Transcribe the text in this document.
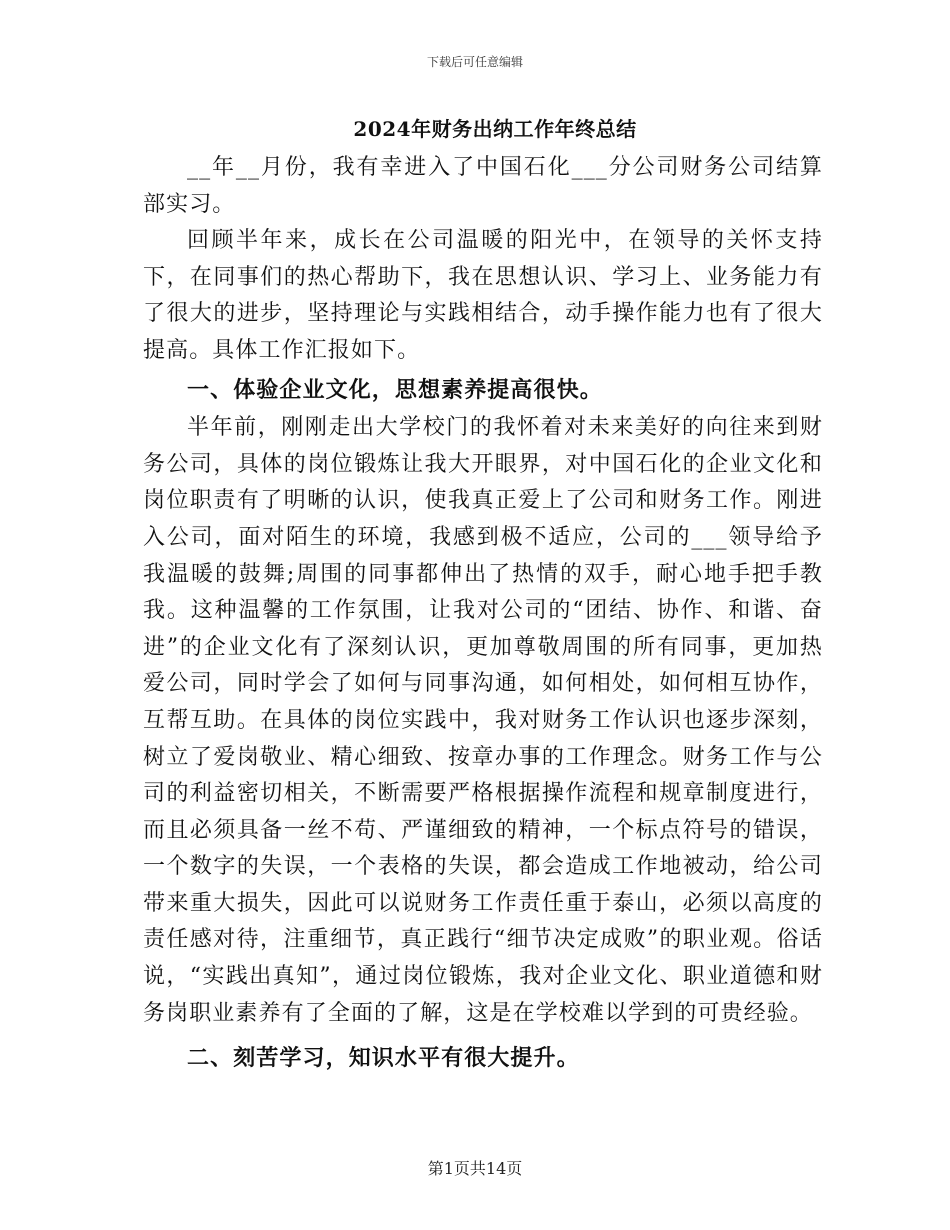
下载后可任意编辑
2024年财务出纳工作年终总结

__年__月份，我有幸进入了中国石化___分公司财务公司结算部实习。

回顾半年来，成长在公司温暖的阳光中，在领导的关怀支持下，在同事们的热心帮助下，我在思想认识、学习上、业务能力有了很大的进步，坚持理论与实践相结合，动手操作能力也有了很大提高。具体工作汇报如下。

一、体验企业文化，思想素养提高很快。

半年前，刚刚走出大学校门的我怀着对未来美好的向往来到财务公司，具体的岗位锻炼让我大开眼界，对中国石化的企业文化和岗位职责有了明晰的认识，使我真正爱上了公司和财务工作。刚进入公司，面对陌生的环境，我感到极不适应，公司的___领导给予我温暖的鼓舞;周围的同事都伸出了热情的双手，耐心地手把手教我。这种温馨的工作氛围，让我对公司的“团结、协作、和谐、奋进”的企业文化有了深刻认识，更加尊敬周围的所有同事，更加热爱公司，同时学会了如何与同事沟通，如何相处，如何相互协作，互帮互助。在具体的岗位实践中，我对财务工作认识也逐步深刻，树立了爱岗敬业、精心细致、按章办事的工作理念。财务工作与公司的利益密切相关，不断需要严格根据操作流程和规章制度进行，而且必须具备一丝不苟、严谨细致的精神，一个标点符号的错误，一个数字的失误，一个表格的失误，都会造成工作地被动，给公司带来重大损失，因此可以说财务工作责任重于泰山，必须以高度的责任感对待，注重细节，真正践行“细节决定成败”的职业观。俗话说，“实践出真知”，通过岗位锻炼，我对企业文化、职业道德和财务岗职业素养有了全面的了解，这是在学校难以学到的可贵经验。

二、刻苦学习，知识水平有很大提升。

第1页共14页
